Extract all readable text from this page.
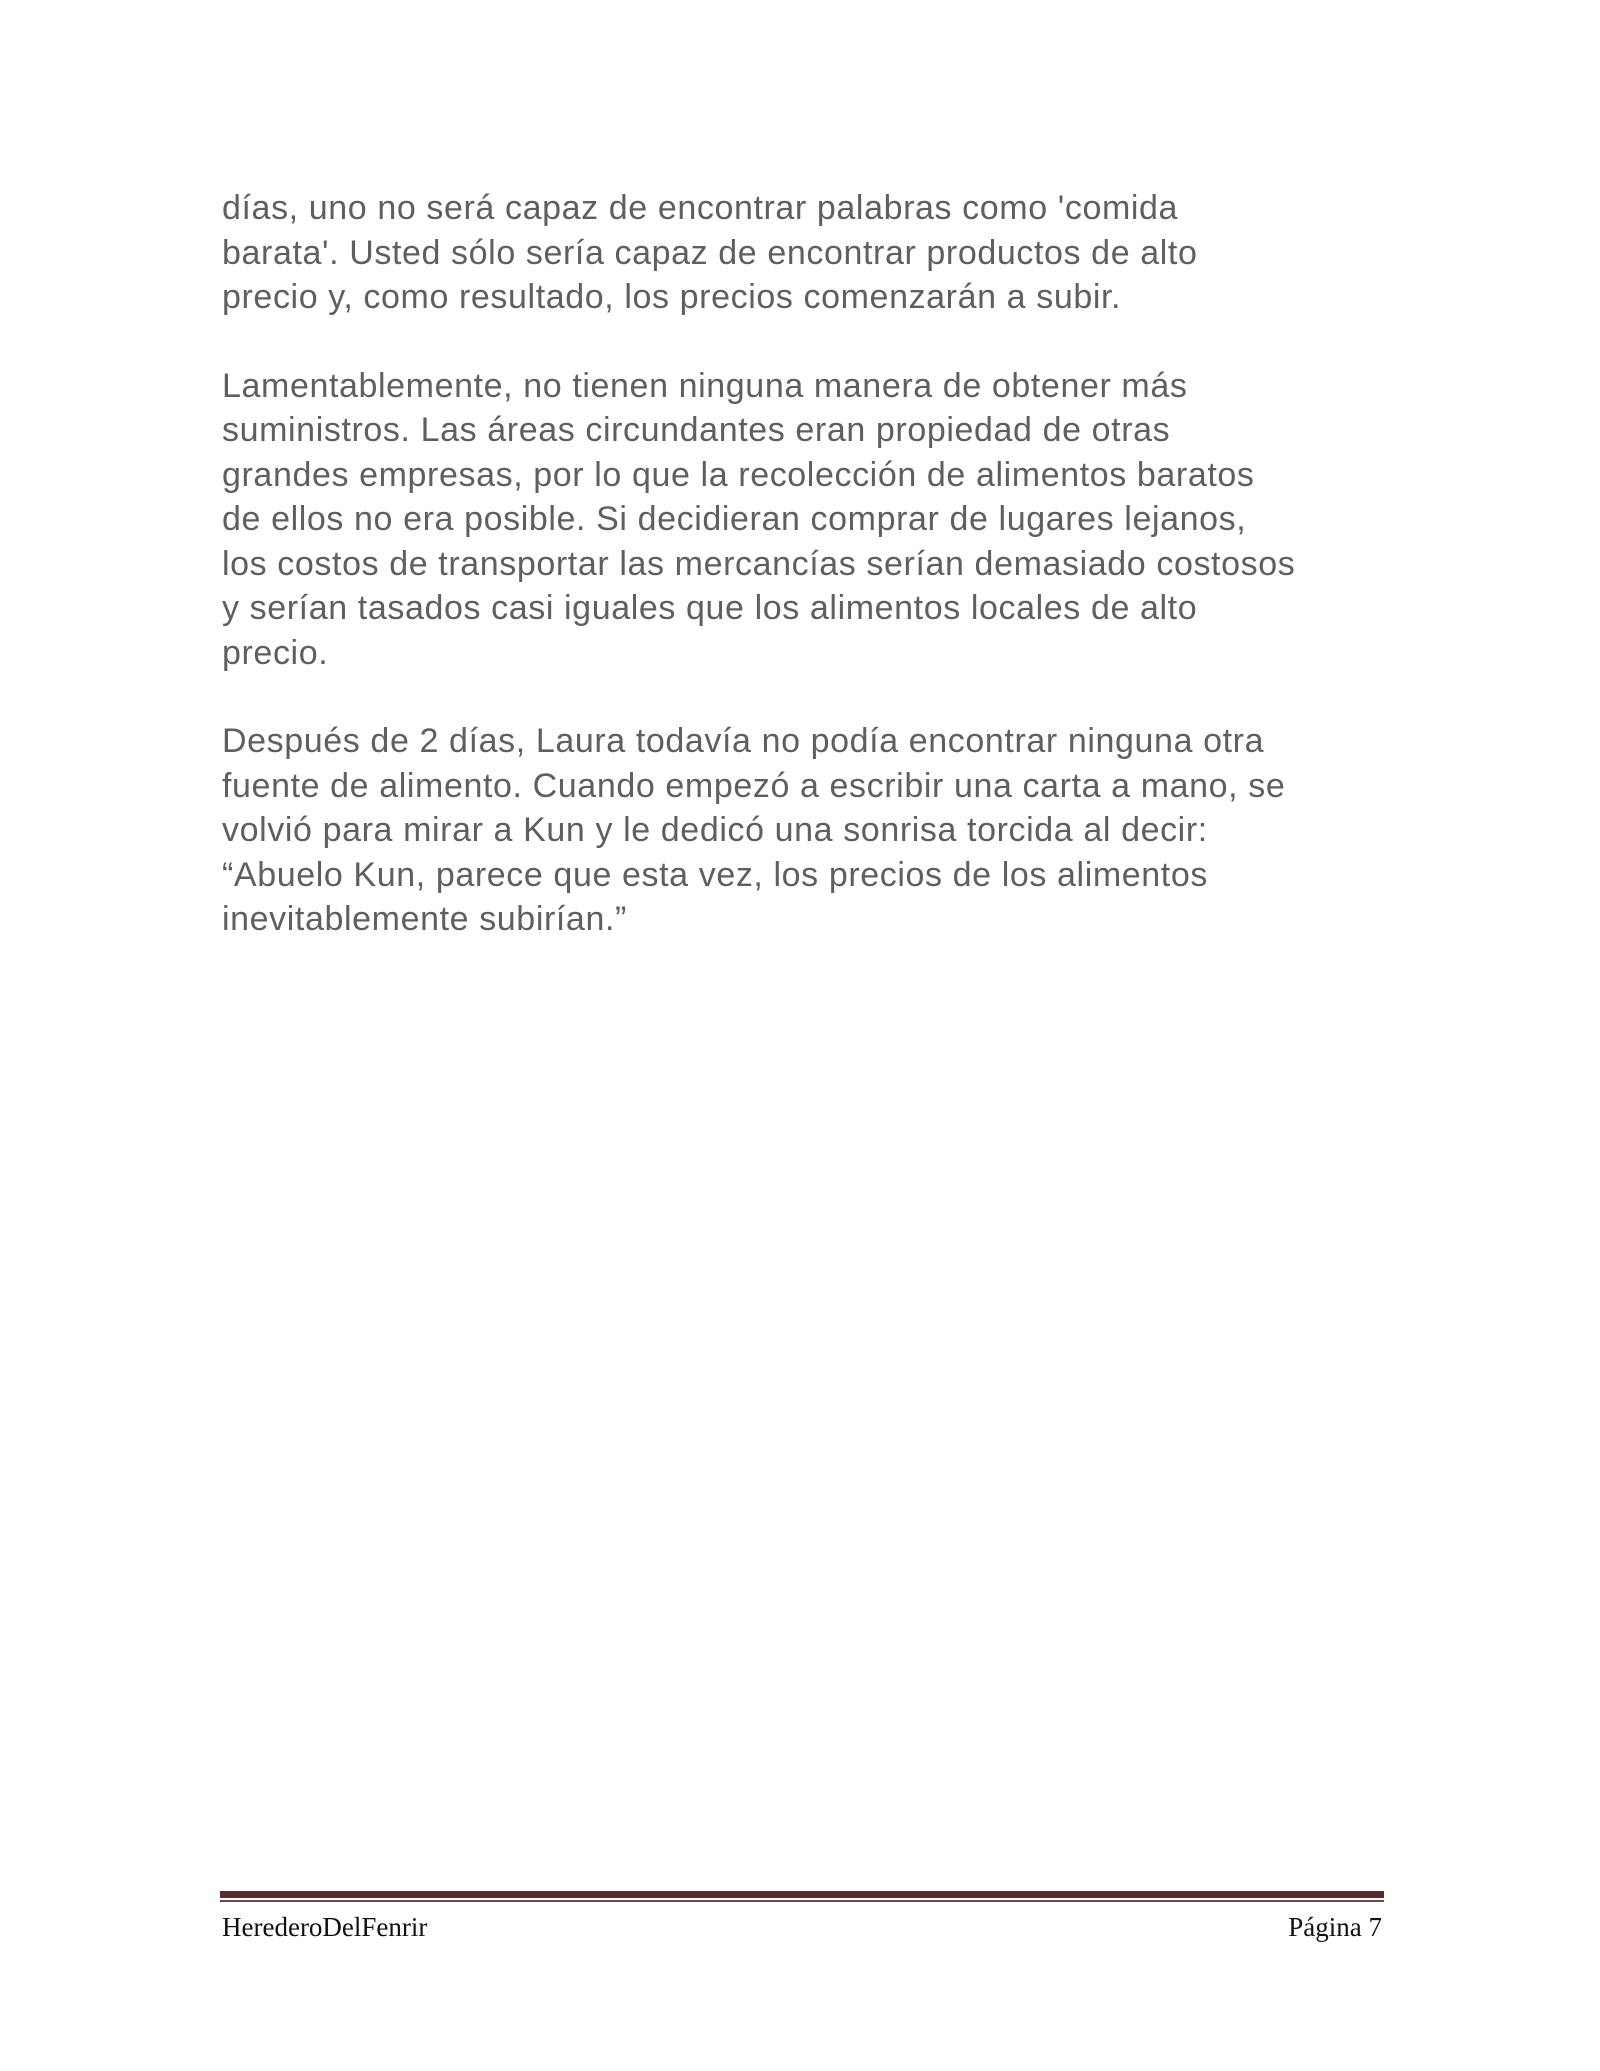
días, uno no será capaz de encontrar palabras como 'comida
barata'. Usted sólo sería capaz de encontrar productos de alto
precio y, como resultado, los precios comenzarán a subir.

Lamentablemente, no tienen ninguna manera de obtener más
suministros. Las áreas circundantes eran propiedad de otras
grandes empresas, por lo que la recolección de alimentos baratos
de ellos no era posible. Si decidieran comprar de lugares lejanos,
los costos de transportar las mercancías serían demasiado costosos
y serían tasados casi iguales que los alimentos locales de alto
precio.

Después de 2 días, Laura todavía no podía encontrar ninguna otra
fuente de alimento. Cuando empezó a escribir una carta a mano, se
volvió para mirar a Kun y le dedicó una sonrisa torcida al decir:
“Abuelo Kun, parece que esta vez, los precios de los alimentos
inevitablemente subirían.”

HerederoDelFenrir	Página 7
